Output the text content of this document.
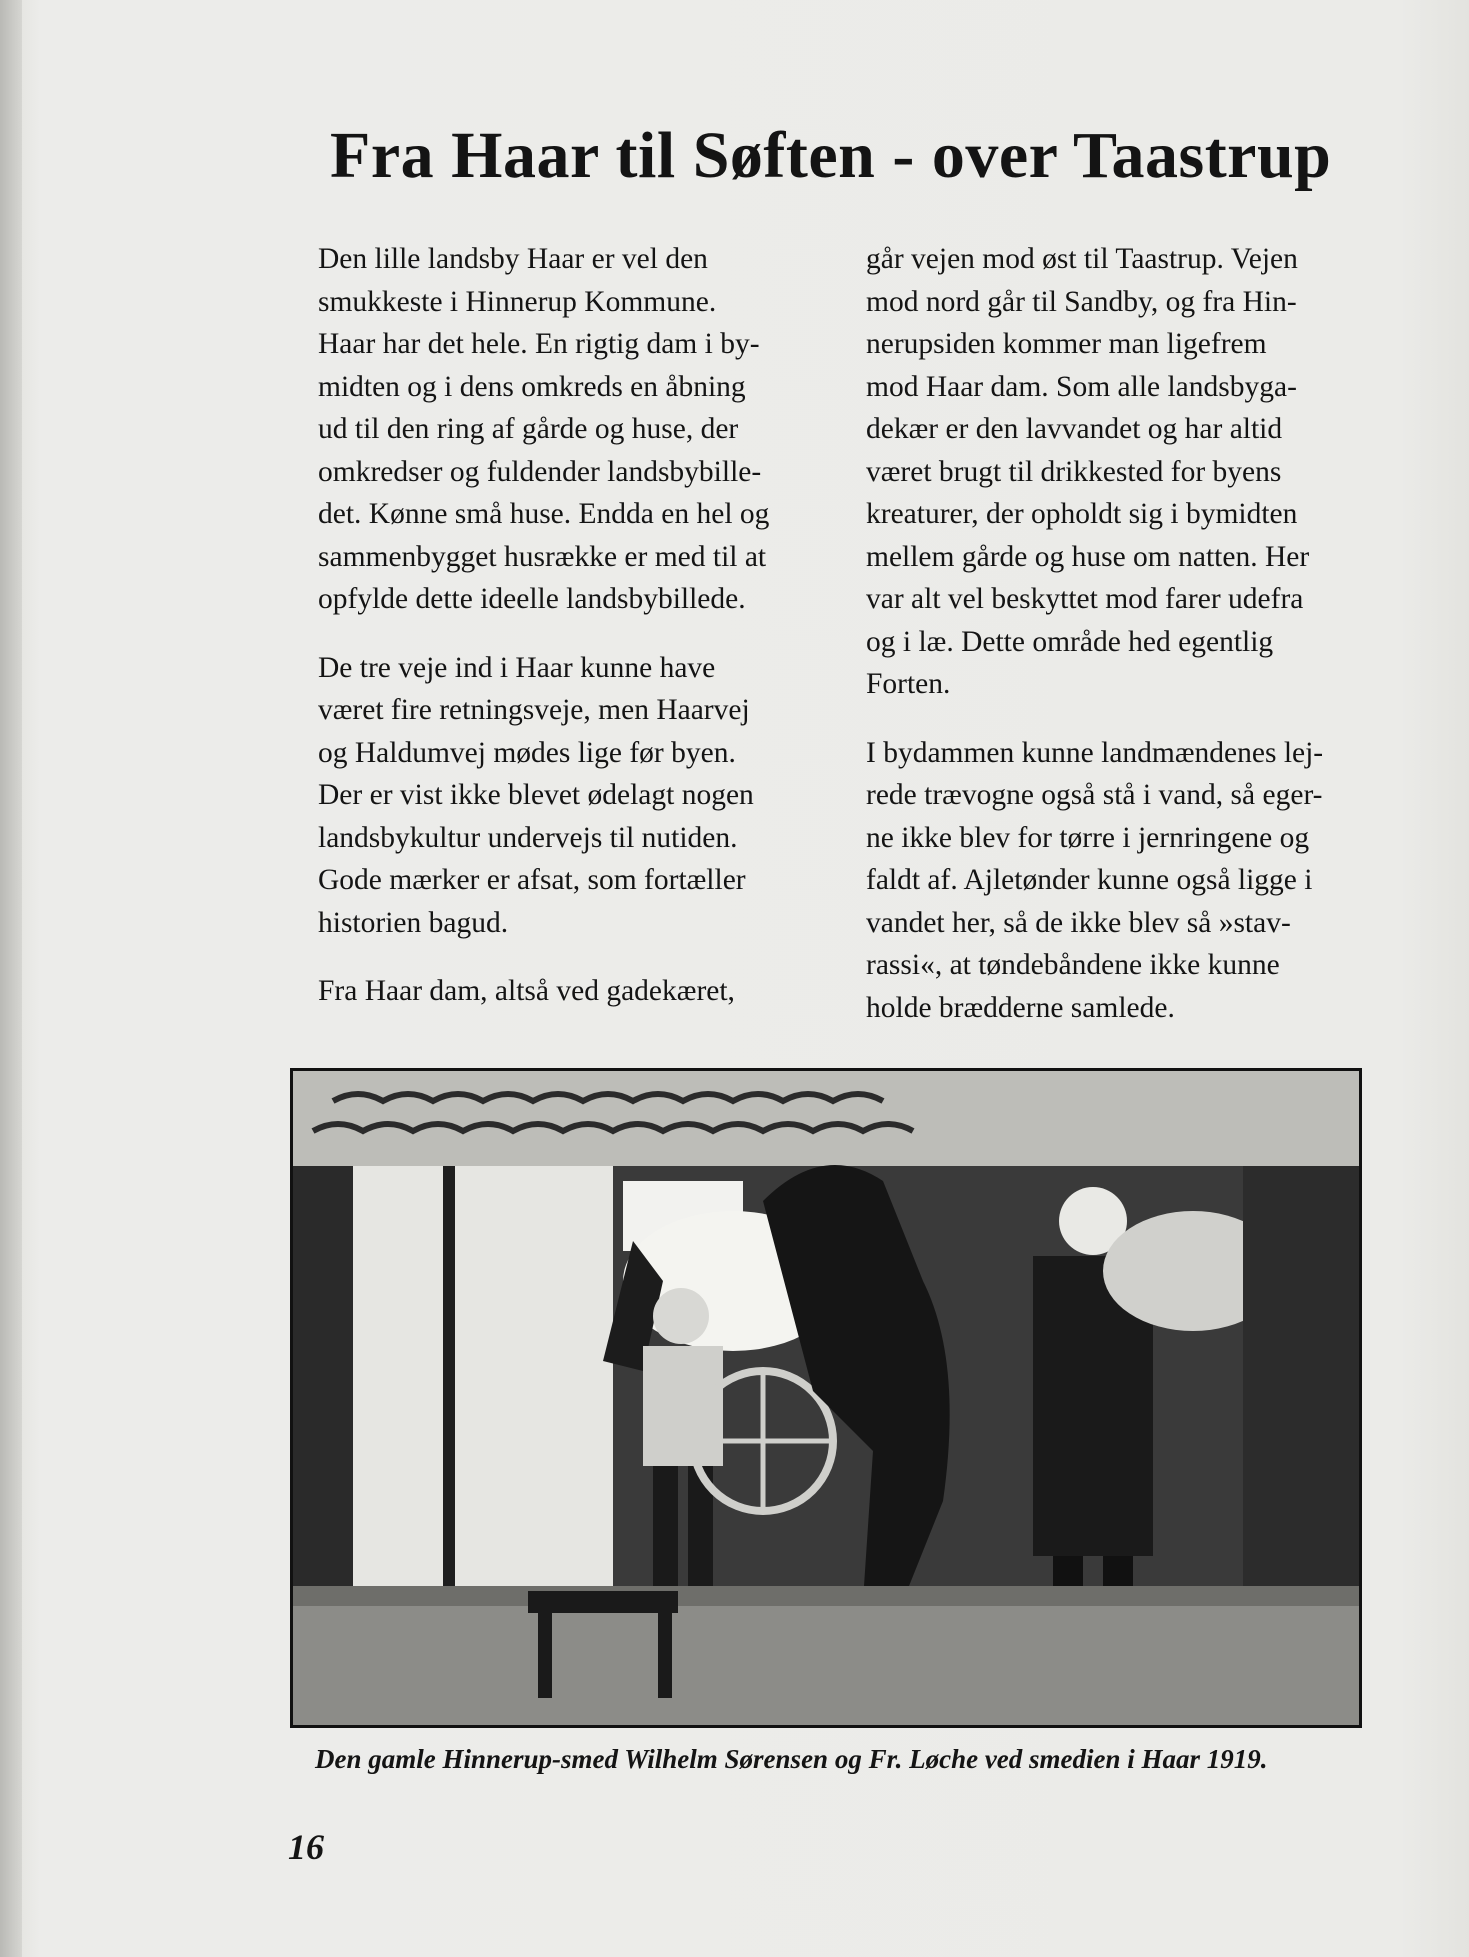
Fra Haar til Søften - over Taastrup

Den lille landsby Haar er vel den
smukkeste i Hinnerup Kommune.
Haar har det hele. En rigtig dam i by-
midten og i dens omkreds en åbning
ud til den ring af gårde og huse, der
omkredser og fuldender landsbybille-
det. Kønne små huse. Endda en hel og
sammenbygget husrække er med til at
opfylde dette ideelle landsbybillede.

De tre veje ind i Haar kunne have
været fire retningsveje, men Haarvej
og Haldumvej mødes lige før byen.
Der er vist ikke blevet ødelagt nogen
landsbykultur undervejs til nutiden.
Gode mærker er afsat, som fortæller
historien bagud.

Fra Haar dam, altså ved gadekæret,

går vejen mod øst til Taastrup. Vejen
mod nord går til Sandby, og fra Hin-
nerupsiden kommer man ligefrem
mod Haar dam. Som alle landsbyga-
dekær er den lavvandet og har altid
været brugt til drikkested for byens
kreaturer, der opholdt sig i bymidten
mellem gårde og huse om natten. Her
var alt vel beskyttet mod farer udefra
og i læ. Dette område hed egentlig
Forten.

I bydammen kunne landmændenes lej-
rede trævogne også stå i vand, så eger-
ne ikke blev for tørre i jernringene og
faldt af. Ajletønder kunne også ligge i
vandet her, så de ikke blev så »stav-
rassi«, at tøndebåndene ikke kunne
holde brædderne samlede.

Den gamle Hinnerup-smed Wilhelm Sørensen og Fr. Løche ved smedien i Haar 1919.
16
